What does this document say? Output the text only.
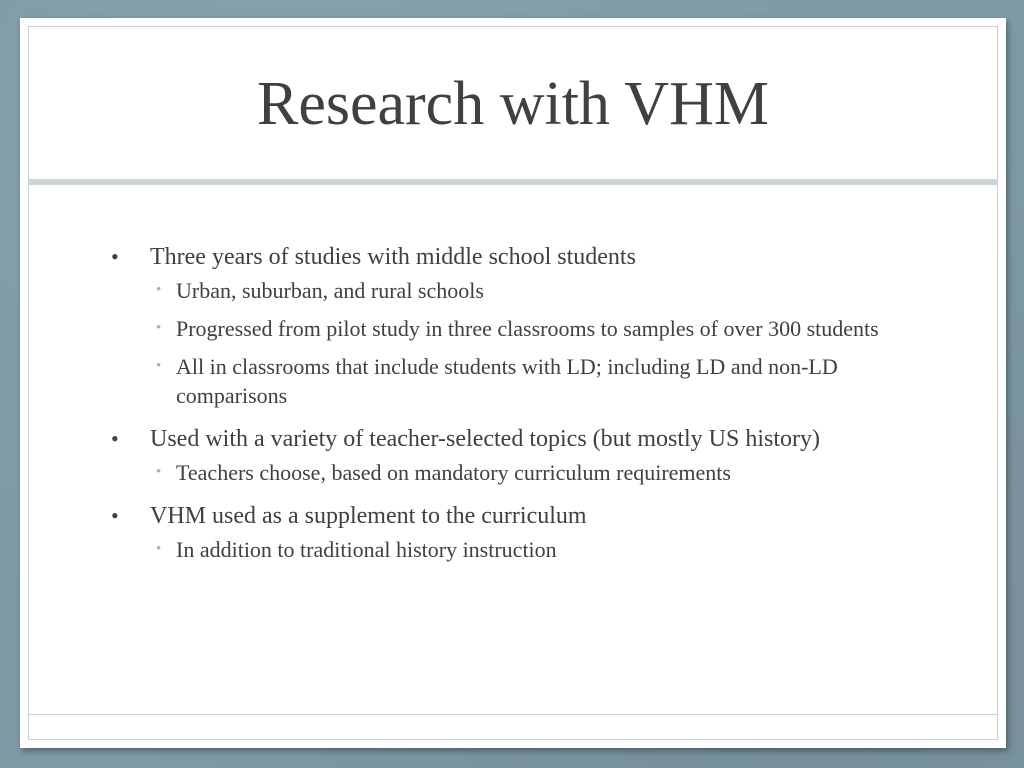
Research with VHM
• Three years of studies with middle school students
• Urban, suburban, and rural schools
• Progressed from pilot study in three classrooms to samples of over 300 students
• All in classrooms that include students with LD; including LD and non-LD comparisons
• Used with a variety of teacher-selected topics (but mostly US history)
• Teachers choose, based on mandatory curriculum requirements
• VHM used as a supplement to the curriculum
• In addition to traditional history instruction
